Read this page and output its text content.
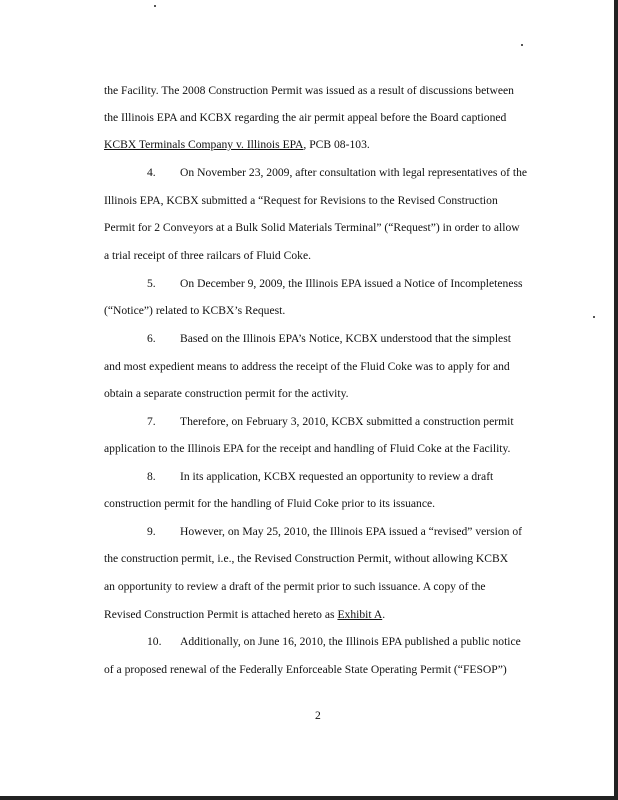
the Facility. The 2008 Construction Permit was issued as a result of discussions between
the Illinois EPA and KCBX regarding the air permit appeal before the Board captioned
KCBX Terminals Company v. Illinois EPA, PCB 08-103.
4. On November 23, 2009, after consultation with legal representatives of the
Illinois EPA, KCBX submitted a “Request for Revisions to the Revised Construction
Permit for 2 Conveyors at a Bulk Solid Materials Terminal” (“Request”) in order to allow
a trial receipt of three railcars of Fluid Coke.
5. On December 9, 2009, the Illinois EPA issued a Notice of Incompleteness
(“Notice”) related to KCBX’s Request.
6. Based on the Illinois EPA’s Notice, KCBX understood that the simplest
and most expedient means to address the receipt of the Fluid Coke was to apply for and
obtain a separate construction permit for the activity.
7. Therefore, on February 3, 2010, KCBX submitted a construction permit
application to the Illinois EPA for the receipt and handling of Fluid Coke at the Facility.
8. In its application, KCBX requested an opportunity to review a draft
construction permit for the handling of Fluid Coke prior to its issuance.
9. However, on May 25, 2010, the Illinois EPA issued a “revised” version of
the construction permit, i.e., the Revised Construction Permit, without allowing KCBX
an opportunity to review a draft of the permit prior to such issuance. A copy of the
Revised Construction Permit is attached hereto as Exhibit A.
10. Additionally, on June 16, 2010, the Illinois EPA published a public notice
of a proposed renewal of the Federally Enforceable State Operating Permit (“FESOP”)
2
